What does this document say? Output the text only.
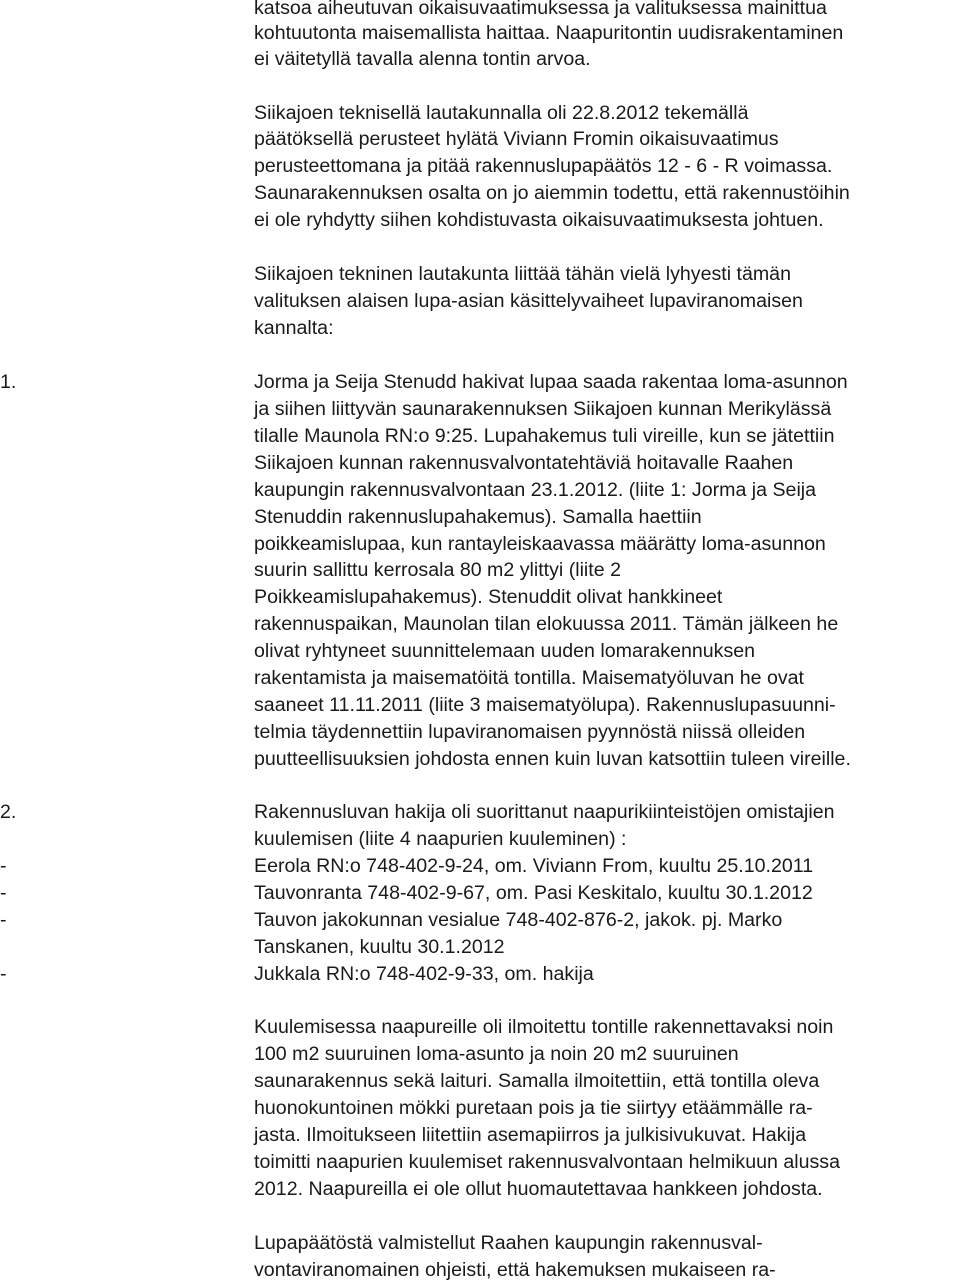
katsoa aiheutuvan oikaisuvaatimuksessa ja valituksessa mainittua
kohtuutonta maisemallista haittaa. Naapuritontin uudisrakentaminen
ei väitetyllä tavalla alenna tontin arvoa.
Siikajoen teknisellä lautakunnalla oli 22.8.2012 tekemällä
päätöksellä perusteet hylätä Viviann Fromin oikaisuvaatimus
perusteettomana ja pitää rakennuslupapäätös 12 - 6 - R voimassa.
Saunarakennuksen osalta on jo aiemmin todettu, että rakennustöihin
ei ole ryhdytty siihen kohdistuvasta oikaisuvaatimuksesta johtuen.
Siikajoen tekninen lautakunta liittää tähän vielä lyhyesti tämän
valituksen alaisen lupa-asian käsittelyvaiheet lupaviranomaisen
kannalta:
1.	Jorma ja Seija Stenudd hakivat lupaa saada rakentaa loma-asunnon
ja siihen liittyvän saunarakennuksen Siikajoen kunnan Merikylässä
tilalle Maunola RN:o 9:25. Lupahakemus tuli vireille, kun se jätettiin
Siikajoen kunnan rakennusvalvontatehtäviä hoitavalle Raahen
kaupungin rakennusvalvontaan 23.1.2012. (liite 1: Jorma ja Seija
Stenuddin rakennuslupahakemus). Samalla haettiin
poikkeamislupaa, kun rantayleiskaavassa määrätty loma-asunnon
suurin sallittu kerrosala 80 m2 ylittyi (liite 2
Poikkeamislupahakemus). Stenuddit olivat hankkineet
rakennuspaikan, Maunolan tilan elokuussa 2011. Tämän jälkeen he
olivat ryhtyneet suunnittelemaan uuden lomarakennuksen
rakentamista ja maisematöitä tontilla. Maisematyöluvan he ovat
saaneet 11.11.2011 (liite 3 maisematyölupa). Rakennuslupasuunni-
telmia täydennettiin lupaviranomaisen pyynnöstä niissä olleiden
puutteellisuuksien johdosta ennen kuin luvan katsottiin tuleen vireille.
2.	Rakennusluvan hakija oli suorittanut naapurikiinteistöjen omistajien
kuulemisen (liite 4 naapurien kuuleminen) :
-	Eerola RN:o 748-402-9-24, om. Viviann From, kuultu 25.10.2011
-	Tauvonranta 748-402-9-67, om. Pasi Keskitalo, kuultu 30.1.2012
-	Tauvon jakokunnan vesialue 748-402-876-2, jakok. pj. Marko
Tanskanen, kuultu 30.1.2012
-	Jukkala RN:o 748-402-9-33, om. hakija
Kuulemisessa naapureille oli ilmoitettu tontille rakennettavaksi noin
100 m2 suuruinen loma-asunto ja noin 20 m2 suuruinen
saunarakennus sekä laituri. Samalla ilmoitettiin, että tontilla oleva
huonokuntoinen mökki puretaan pois ja tie siirtyy etäämmälle ra-
jasta. Ilmoitukseen liitettiin asemapiirros ja julkisivukuvat. Hakija
toimitti naapurien kuulemiset rakennusvalvontaan helmikuun alussa
2012. Naapureilla ei ole ollut huomautettavaa hankkeen johdosta.
Lupapäätöstä valmistellut Raahen kaupungin rakennusval-
vontaviranomainen ohjeisti, että hakemuksen mukaiseen ra-
